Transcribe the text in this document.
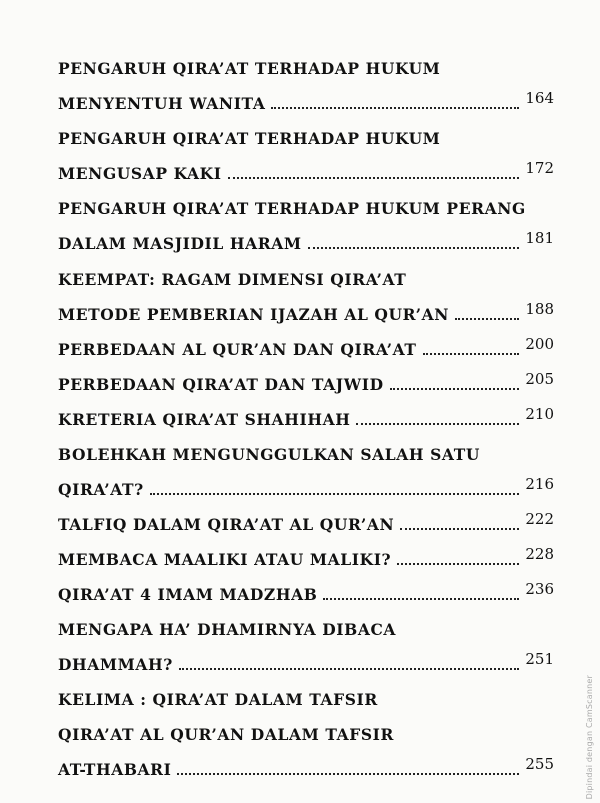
PENGARUH QIRA’AT TERHADAP HUKUM
MENYENTUH WANITA	164
PENGARUH QIRA’AT TERHADAP HUKUM
MENGUSAP KAKI	172
PENGARUH QIRA’AT TERHADAP HUKUM PERANG
DALAM MASJIDIL HARAM	181
KEEMPAT: RAGAM DIMENSI QIRA’AT
METODE PEMBERIAN IJAZAH AL QUR’AN	188
PERBEDAAN AL QUR’AN DAN QIRA’AT	200
PERBEDAAN QIRA’AT DAN TAJWID	205
KRETERIA QIRA’AT SHAHIHAH	210
BOLEHKAH MENGUNGGULKAN SALAH SATU
QIRA’AT?	216
TALFIQ DALAM QIRA’AT AL QUR’AN	222
MEMBACA MAALIKI ATAU MALIKI?	228
QIRA’AT 4 IMAM MADZHAB	236
MENGAPA HA’ DHAMIRNYA DIBACA
DHAMMAH?	251
KELIMA : QIRA’AT DALAM TAFSIR
QIRA’AT AL QUR’AN DALAM TAFSIR
AT-THABARI	255	Dipindai dengan CamScanner
